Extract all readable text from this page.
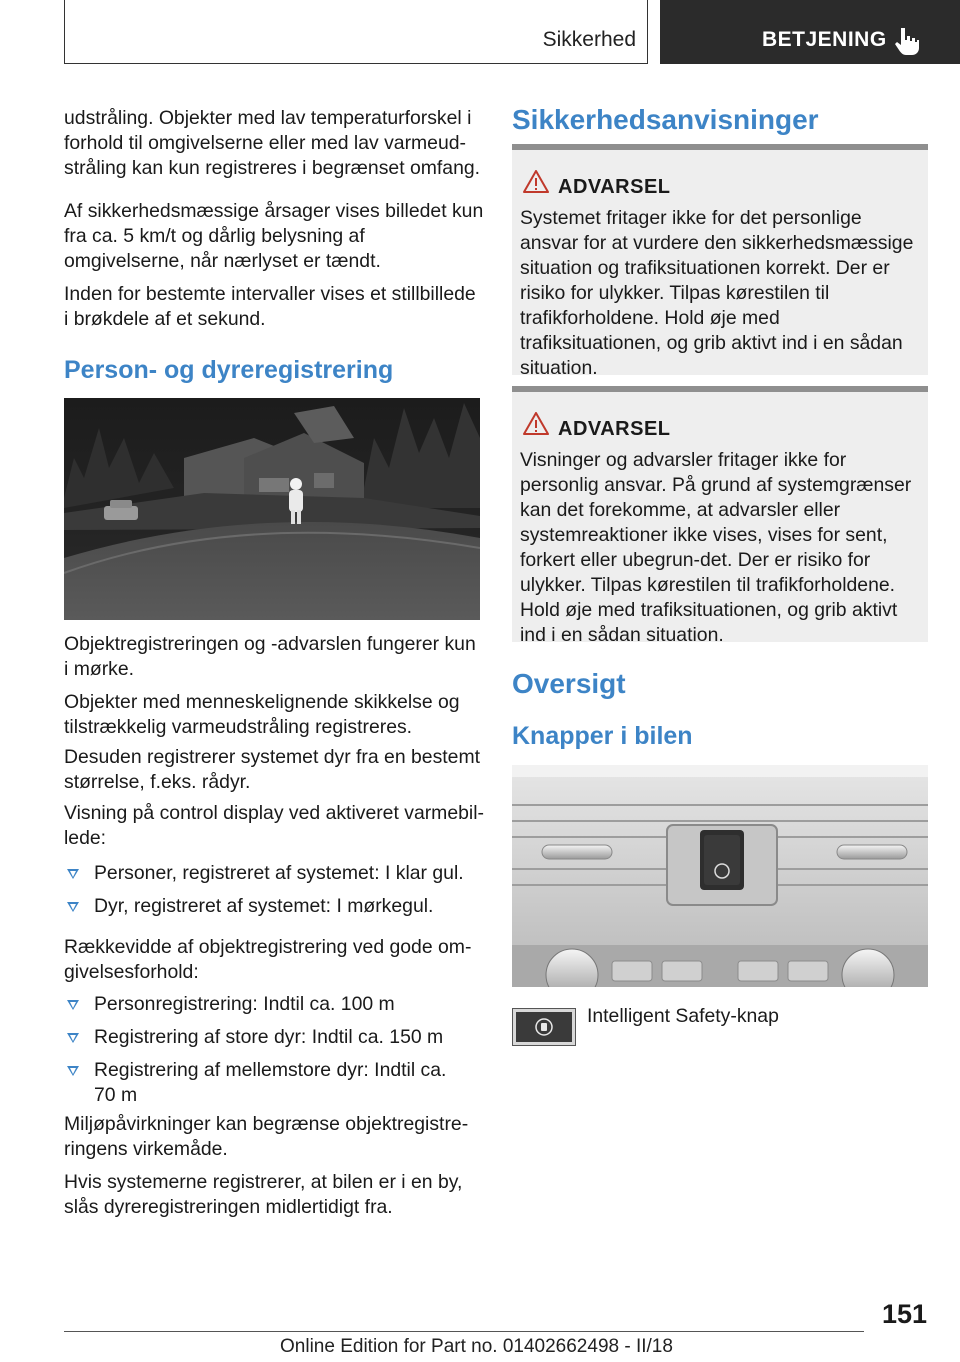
Sikkerhed	BETJENING
udstråling. Objekter med lav temperaturforskel i forhold til omgivelserne eller med lav varmeud‐stråling kan kun registreres i begrænset omfang.
Af sikkerhedsmæssige årsager vises billedet kun fra ca. 5 km/t og dårlig belysning af omgivelserne, når nærlyset er tændt.
Inden for bestemte intervaller vises et stillbillede i brøkdele af et sekund.
Person- og dyreregistrering
Objektregistreringen og -advarslen fungerer kun i mørke.
Objekter med menneskelignende skikkelse og tilstrækkelig varmeudstråling registreres.
Desuden registrerer systemet dyr fra en bestemt størrelse, f.eks. rådyr.
Visning på control display ved aktiveret varmebil‐lede:
Personer, registreret af systemet: I klar gul.
Dyr, registreret af systemet: I mørkegul.
Rækkevidde af objektregistrering ved gode om‐givelsesforhold:
Personregistrering: Indtil ca. 100 m
Registrering af store dyr: Indtil ca. 150 m
Registrering af mellemstore dyr: Indtil ca. 70 m
Miljøpåvirkninger kan begrænse objektregistre‐ringens virkemåde.
Hvis systemerne registrerer, at bilen er i en by, slås dyreregistreringen midlertidigt fra.
Sikkerhedsanvisninger
ADVARSEL
Systemet fritager ikke for det personlige ansvar for at vurdere den sikkerhedsmæssige situation og trafiksituationen korrekt. Der er risiko for ulykker. Tilpas kørestilen til trafikforholdene. Hold øje med trafiksituationen, og grib aktivt ind i en sådan situation.
ADVARSEL
Visninger og advarsler fritager ikke for personlig ansvar. På grund af systemgrænser kan det forekomme, at advarsler eller systemreaktioner ikke vises, vises for sent, forkert eller ubegrun‐det. Der er risiko for ulykker. Tilpas kørestilen til trafikforholdene. Hold øje med trafiksituationen, og grib aktivt ind i en sådan situation.
Oversigt
Knapper i bilen
Intelligent Safety-knap
151
Online Edition for Part no. 01402662498 - II/18
